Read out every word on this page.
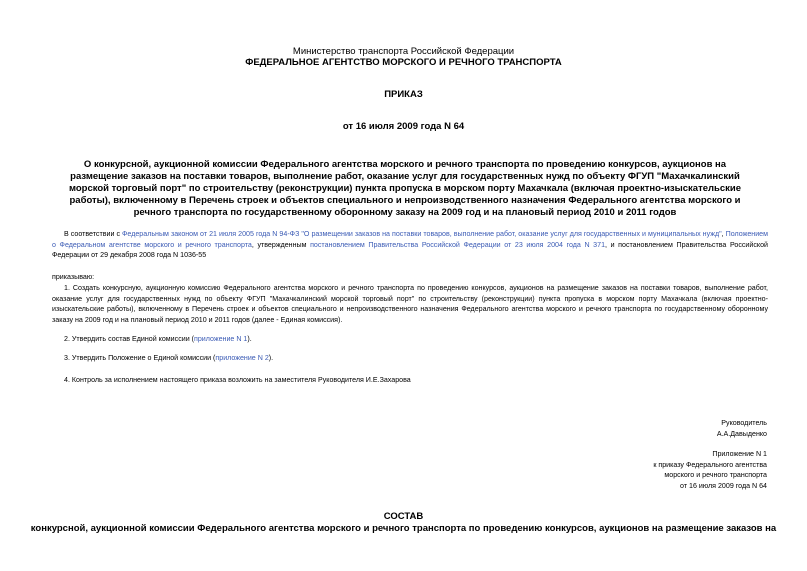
Министерство транспорта Российской Федерации
ФЕДЕРАЛЬНОЕ АГЕНТСТВО МОРСКОГО И РЕЧНОГО ТРАНСПОРТА
ПРИКАЗ
от 16 июля 2009 года N 64
О конкурсной, аукционной комиссии Федерального агентства морского и речного транспорта по проведению конкурсов, аукционов на размещение заказов на поставки товаров, выполнение работ, оказание услуг для государственных нужд по объекту ФГУП "Махачкалинский морской торговый порт" по строительству (реконструкции) пункта пропуска в морском порту Махачкала (включая проектно-изыскательские работы), включенному в Перечень строек и объектов специального и непроизводственного назначения Федерального агентства морского и речного транспорта по государственному оборонному заказу на 2009 год и на плановый период 2010 и 2011 годов
В соответствии с Федеральным законом от 21 июля 2005 года N 94-ФЗ "О размещении заказов на поставки товаров, выполнение работ, оказание услуг для государственных и муниципальных нужд", Положением о Федеральном агентстве морского и речного транспорта, утвержденным постановлением Правительства Российской Федерации от 23 июля 2004 года N 371, и постановлением Правительства Российской Федерации от 29 декабря 2008 года N 1036-55
приказываю:
1. Создать конкурсную, аукционную комиссию Федерального агентства морского и речного транспорта по проведению конкурсов, аукционов на размещение заказов на поставки товаров, выполнение работ, оказание услуг для государственных нужд по объекту ФГУП "Махачкалинский морской торговый порт" по строительству (реконструкции) пункта пропуска в морском порту Махачкала (включая проектно-изыскательские работы), включенному в Перечень строек и объектов специального и непроизводственного назначения Федерального агентства морского и речного транспорта по государственному оборонному заказу на 2009 год и на плановый период 2010 и 2011 годов (далее - Единая комиссия).
2. Утвердить состав Единой комиссии (приложение N 1).
3. Утвердить Положение о Единой комиссии (приложение N 2).
4. Контроль за исполнением настоящего приказа возложить на заместителя Руководителя И.Е.Захарова
Руководитель
А.А.Давыденко
Приложение N 1
к приказу Федерального агентства
морского и речного транспорта
от 16 июля 2009 года N 64
СОСТАВ
конкурсной, аукционной комиссии Федерального агентства морского и речного транспорта по проведению конкурсов, аукционов на размещение заказов на
